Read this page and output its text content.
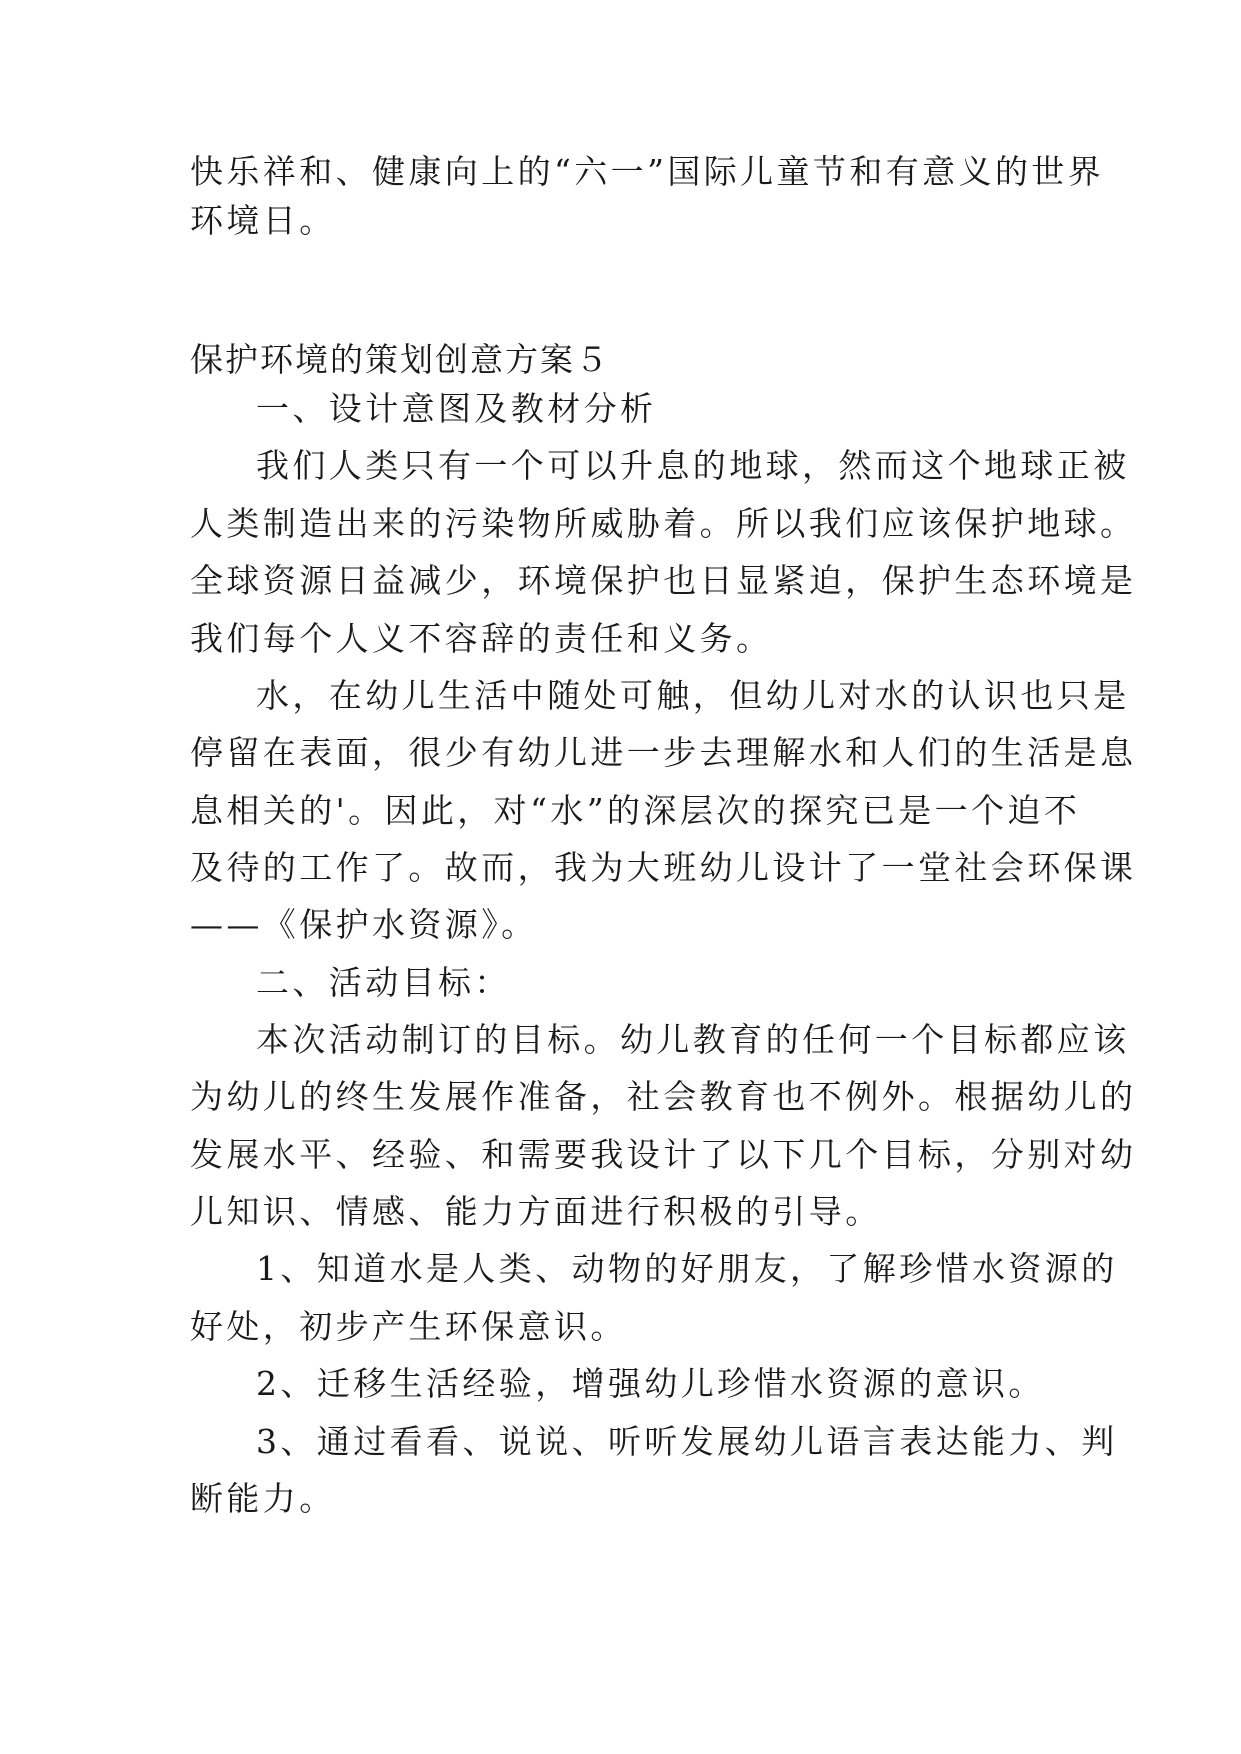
快乐祥和、健康向上的“六一”国际儿童节和有意义的世界
环境日。
保护环境的策划创意方案５
一、设计意图及教材分析
我们人类只有一个可以升息的地球，然而这个地球正被
人类制造出来的污染物所威胁着。所以我们应该保护地球。
全球资源日益减少，环境保护也日显紧迫，保护生态环境是
我们每个人义不容辞的责任和义务。
水，在幼儿生活中随处可触，但幼儿对水的认识也只是
停留在表面，很少有幼儿进一步去理解水和人们的生活是息
息相关的'。因此，对“水”的深层次的探究已是一个迫不
及待的工作了。故而，我为大班幼儿设计了一堂社会环保课
——《保护水资源》。
二、活动目标：
本次活动制订的目标。幼儿教育的任何一个目标都应该
为幼儿的终生发展作准备，社会教育也不例外。根据幼儿的
发展水平、经验、和需要我设计了以下几个目标，分别对幼
儿知识、情感、能力方面进行积极的引导。
1、知道水是人类、动物的好朋友，了解珍惜水资源的
好处，初步产生环保意识。
2、迁移生活经验，增强幼儿珍惜水资源的意识。
3、通过看看、说说、听听发展幼儿语言表达能力、判
断能力。
